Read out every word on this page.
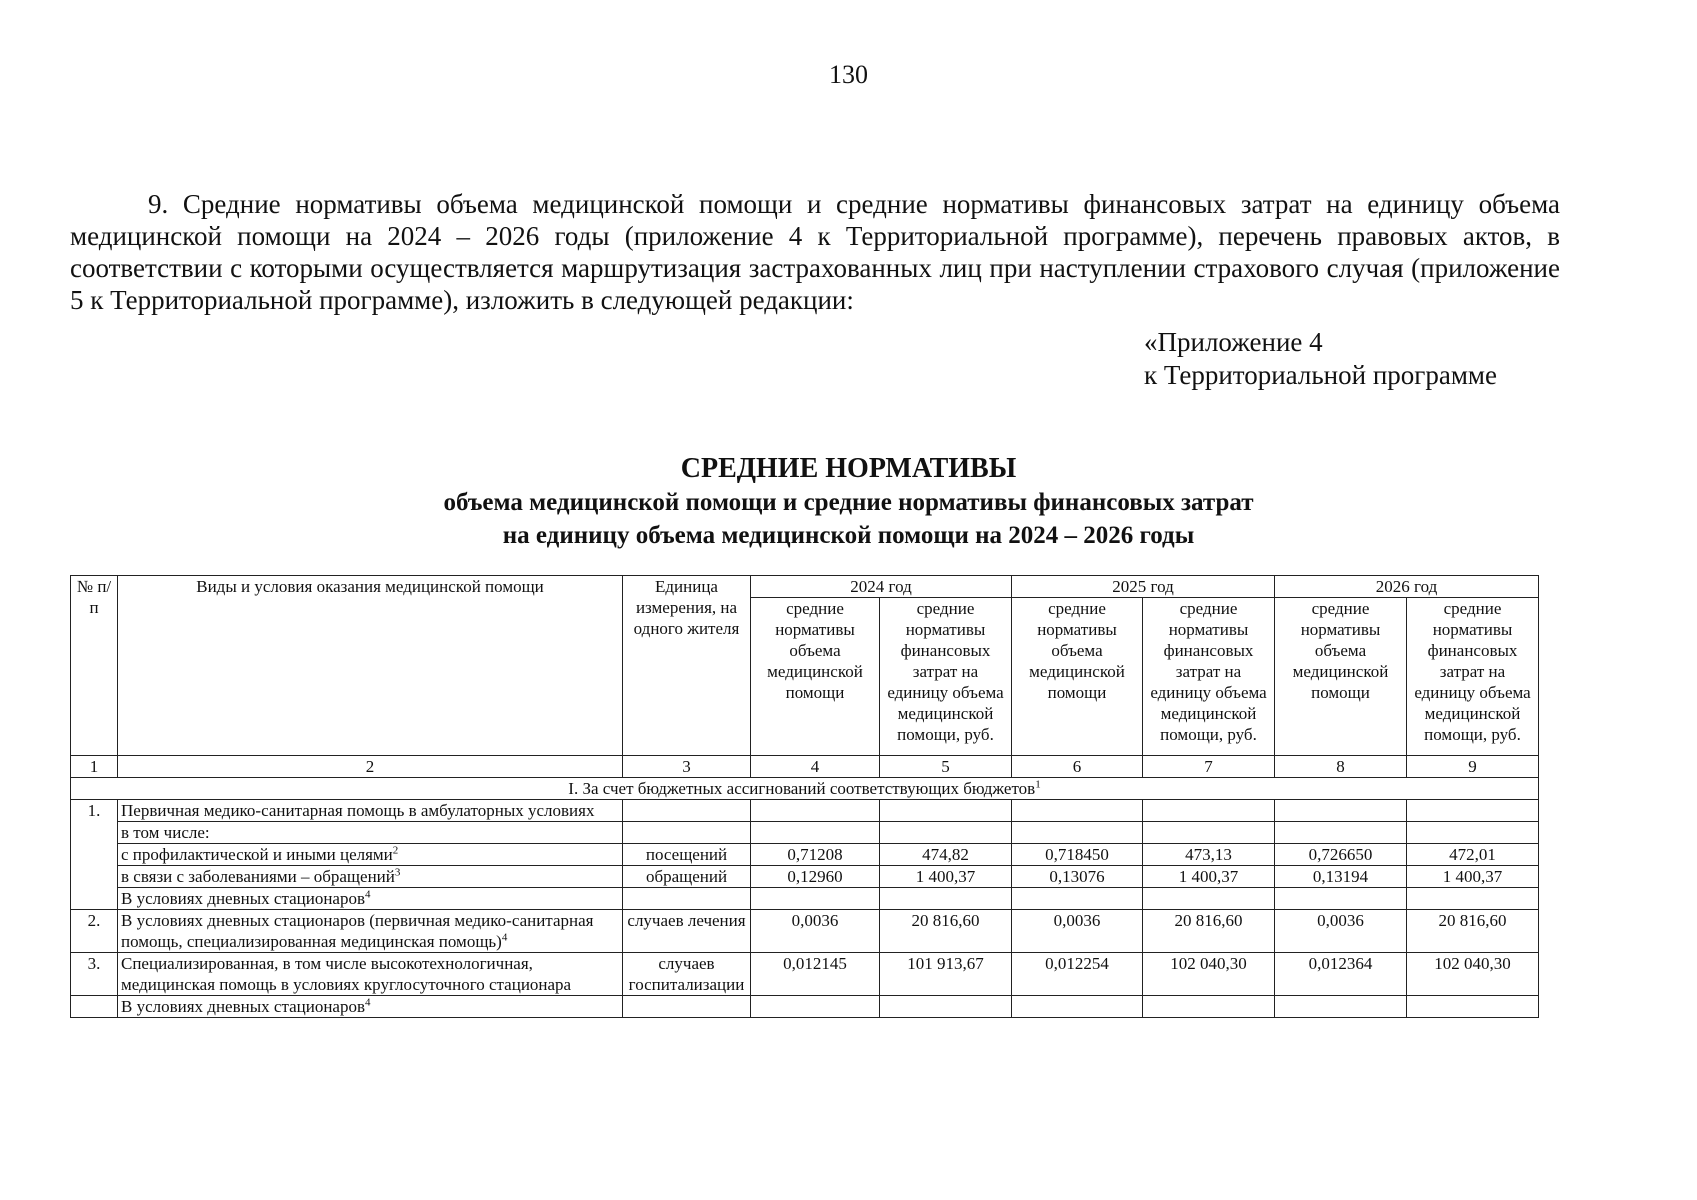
130
9. Средние нормативы объема медицинской помощи и средние нормативы финансовых затрат на единицу объема медицинской помощи на 2024 – 2026 годы (приложение 4 к Территориальной программе), перечень правовых актов, в соответствии с которыми осуществляется маршрутизация застрахованных лиц при наступлении страхового случая (приложение 5 к Территориальной программе), изложить в следующей редакции:
«Приложение 4
к Территориальной программе
СРЕДНИЕ НОРМАТИВЫ
объема медицинской помощи и средние нормативы финансовых затрат
на единицу объема медицинской помощи на 2024 – 2026 годы
№ п/п	Виды и условия оказания медицинской помощи	Единица измерения, на одного жителя	2024 год		2025 год		2026 год	
			средние нормативы объема медицинской помощи	средние нормативы финансовых затрат на единицу объема медицинской помощи, руб.	средние нормативы объема медицинской помощи	средние нормативы финансовых затрат на единицу объема медицинской помощи, руб.	средние нормативы объема медицинской помощи	средние нормативы финансовых затрат на единицу объема медицинской помощи, руб.
1	2	3	4	5	6	7	8	9
I. За счет бюджетных ассигнований соответствующих бюджетов$^1$
1.	Первичная медико-санитарная помощь в амбулаторных условиях							
	в том числе:							
	с профилактической и иными целями$^2$	посещений	0,71208	474,82	0,718450	473,13	0,726650	472,01
	в связи с заболеваниями – обращений$^3$	обращений	0,12960	1 400,37	0,13076	1 400,37	0,13194	1 400,37
	В условиях дневных стационаров$^4$							
2.	В условиях дневных стационаров (первичная медико-санитарная помощь, специализированная медицинская помощь)$^4$	случаев лечения	0,0036	20 816,60	0,0036	20 816,60	0,0036	20 816,60
3.	Специализированная, в том числе высокотехнологичная, медицинская помощь в условиях круглосуточного стационара	случаев госпитализации	0,012145	101 913,67	0,012254	102 040,30	0,012364	102 040,30
	В условиях дневных стационаров$^4$							
